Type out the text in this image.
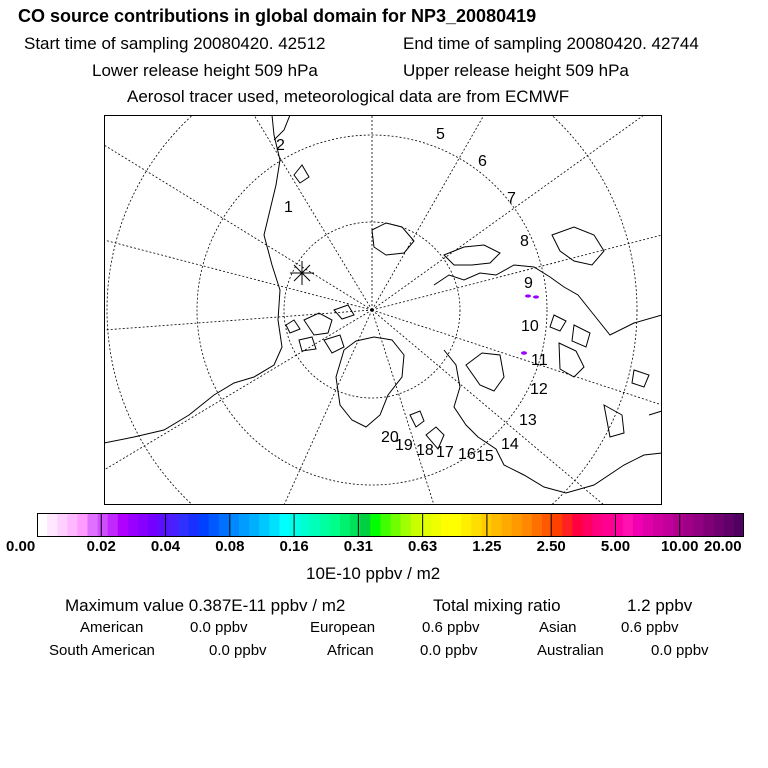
CO source contributions in global domain for NP3_20080419
Start time of sampling 20080420. 42512	End time of sampling 20080420. 42744
Lower release height 509 hPa	Upper release height 509 hPa
Aerosol tracer used, meteorological data are from ECMWF
1
2
5
6
7
8
9
10
11
12
13
14
15
16
17
18
19
20
0.00	0.02 0.04 0.08 0.16 0.31 0.63 1.25 2.50 5.00 10.00 20.00
10E-10 ppbv / m2
Maximum value 0.387E-11 ppbv / m2	Total mixing ratio	1.2 ppbv
American	0.0 ppbv	European	0.6 ppbv	Asian	0.6 ppbv
South American	0.0 ppbv	African	0.0 ppbv	Australian	0.0 ppbv
